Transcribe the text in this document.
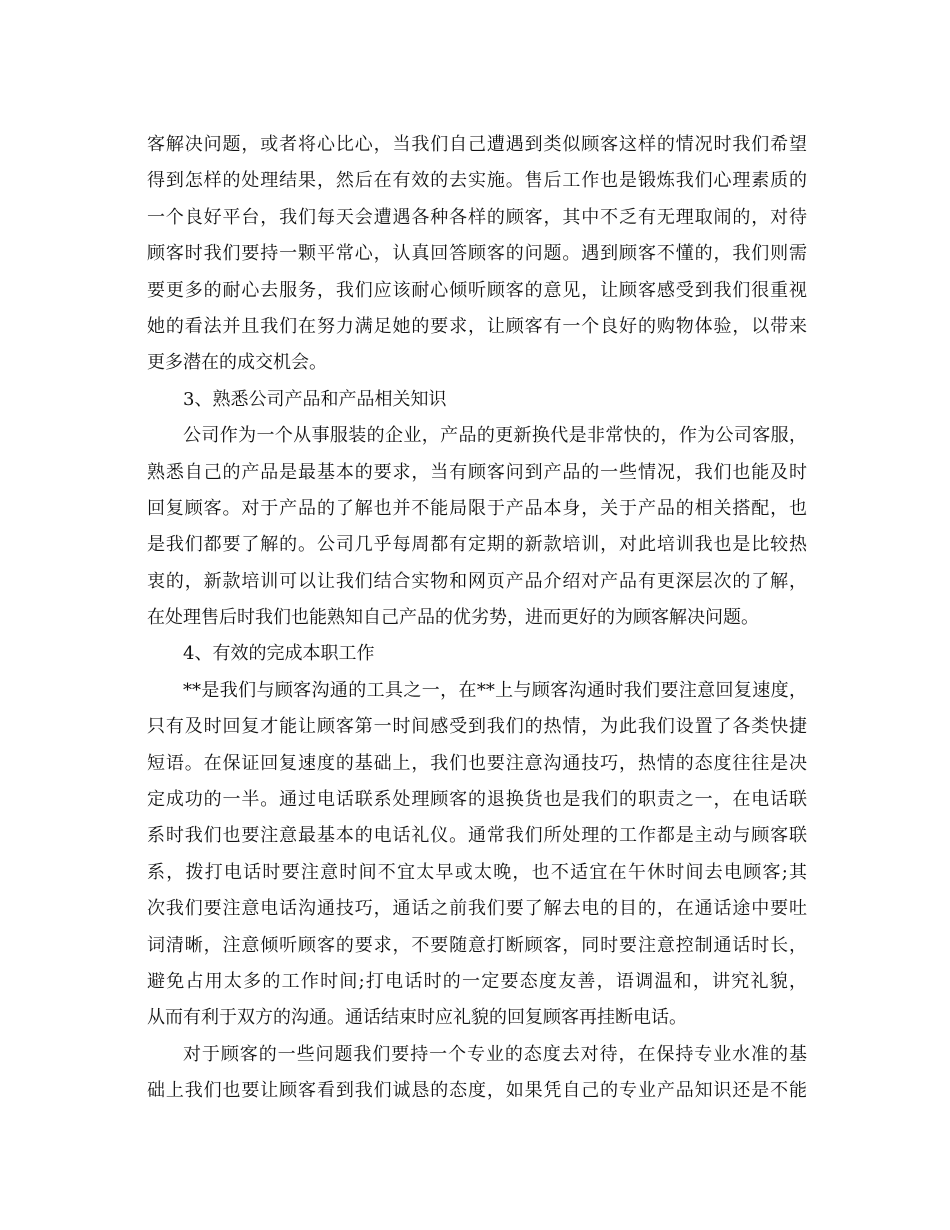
客解决问题，或者将心比心，当我们自己遭遇到类似顾客这样的情况时我们希望
得到怎样的处理结果，然后在有效的去实施。售后工作也是锻炼我们心理素质的
一个良好平台，我们每天会遭遇各种各样的顾客，其中不乏有无理取闹的，对待
顾客时我们要持一颗平常心，认真回答顾客的问题。遇到顾客不懂的，我们则需
要更多的耐心去服务，我们应该耐心倾听顾客的意见，让顾客感受到我们很重视
她的看法并且我们在努力满足她的要求，让顾客有一个良好的购物体验，以带来
更多潜在的成交机会。
3、熟悉公司产品和产品相关知识
公司作为一个从事服装的企业，产品的更新换代是非常快的，作为公司客服，
熟悉自己的产品是最基本的要求，当有顾客问到产品的一些情况，我们也能及时
回复顾客。对于产品的了解也并不能局限于产品本身，关于产品的相关搭配，也
是我们都要了解的。公司几乎每周都有定期的新款培训，对此培训我也是比较热
衷的，新款培训可以让我们结合实物和网页产品介绍对产品有更深层次的了解，
在处理售后时我们也能熟知自己产品的优劣势，进而更好的为顾客解决问题。
4、有效的完成本职工作
**是我们与顾客沟通的工具之一，在**上与顾客沟通时我们要注意回复速度，
只有及时回复才能让顾客第一时间感受到我们的热情，为此我们设置了各类快捷
短语。在保证回复速度的基础上，我们也要注意沟通技巧，热情的态度往往是决
定成功的一半。通过电话联系处理顾客的退换货也是我们的职责之一，在电话联
系时我们也要注意最基本的电话礼仪。通常我们所处理的工作都是主动与顾客联
系，拨打电话时要注意时间不宜太早或太晚，也不适宜在午休时间去电顾客;其
次我们要注意电话沟通技巧，通话之前我们要了解去电的目的，在通话途中要吐
词清晰，注意倾听顾客的要求，不要随意打断顾客，同时要注意控制通话时长，
避免占用太多的工作时间;打电话时的一定要态度友善，语调温和，讲究礼貌，
从而有利于双方的沟通。通话结束时应礼貌的回复顾客再挂断电话。
对于顾客的一些问题我们要持一个专业的态度去对待，在保持专业水准的基
础上我们也要让顾客看到我们诚恳的态度，如果凭自己的专业产品知识还是不能
